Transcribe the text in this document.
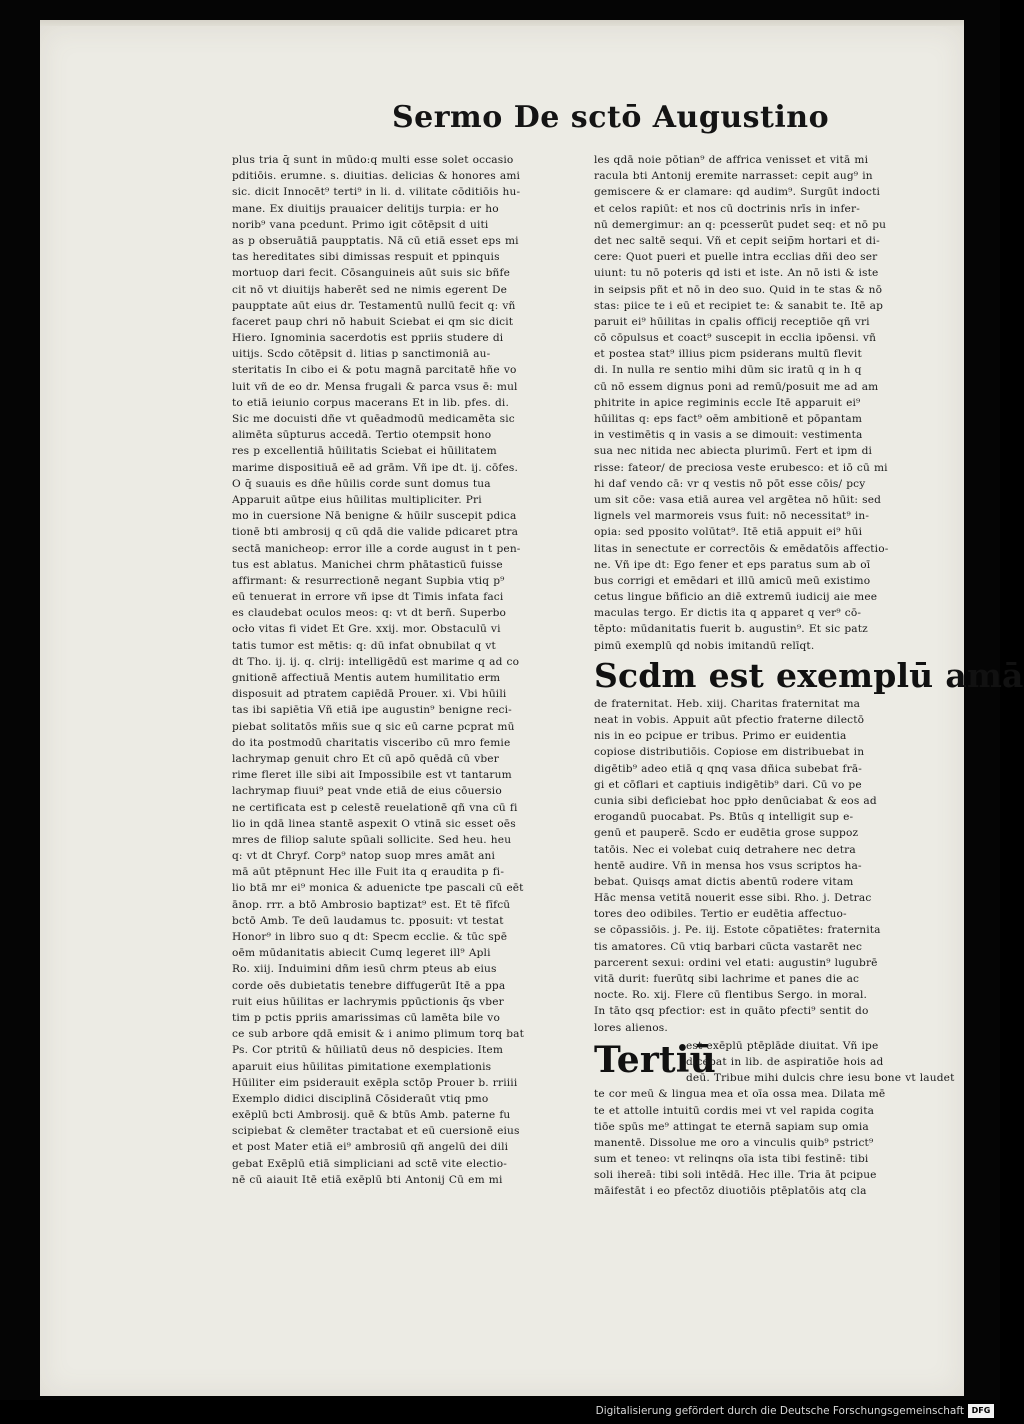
Sermo De sctō Augustino
plus tria q̄ sunt in mūdo:q multi esse solet occasio
pditiōis. erumne. s. diuitias. delicias & honores ami
sic. dicit Innocēt⁹ terti⁹ in li. d. vilitate cōditiōis hu-
mane. Ex diuitijs prauaicer delitijs turpia: er ho
norib⁹ vana pcedunt. Primo igit cōtēpsit d uiti
as p obseruātiā paupptatis. Nā cū etiā esset eps mi
tas hereditates sibi dimissas respuit et ppinquis
mortuop dari fecit. Cōsanguineis aūt suis sic bñfe
cit nō vt diuitijs haberēt sed ne nimis egerent De
paupptate aūt eius dr. Testamentū nullū fecit q: vñ
faceret paup chri nō habuit Sciebat ei qm sic dicit
Hiero. Ignominia sacerdotis est ppriis studere di
uitijs. Scdo cōtēpsit d. litias p sanctimoniā au-
steritatis In cibo ei & potu magnā parcitatē hñe vo
luit vñ de eo dr. Mensa frugali & parca vsus ē: mul
to etiā ieiunio corpus macerans Et in lib. pfes. di.
Sic me docuisti dñe vt quēadmodū medicamēta sic
alimēta sūpturus accedā. Tertio otempsit hono
res p excellentiā hūilitatis Sciebat ei hūilitatem
marime dispositiuā eē ad grām. Vñ ipe dt. ij. cōfes.
O q̄ suauis es dñe hūilis corde sunt domus tua
Apparuit aūtpe eius hūilitas multipliciter. Pri
mo in cuersione Nā benigne & hūilr suscepit pdica
tionē bti ambrosij q cū qdā die valide pdicaret ptra
sectā manicheop: error ille a corde august in t pen-
tus est ablatus. Manichei chrm phātasticū fuisse
affirmant: & resurrectionē negant Supbia vtiq p⁹
eū tenuerat in errore vñ ipse dt Timis infata faci
es claudebat oculos meos: q: vt dt berñ. Superbo
ocło vitas fi videt Et Gre. xxij. mor. Obstaculū vi
tatis tumor est mētis: q: dū infat obnubilat q vt
dt Tho. ij. ij. q. clrij: intelligēdū est marime q ad co
gnitionē affectiuā Mentis autem humilitatio erm
disposuit ad ptratem capiēdā Prouer. xi. Vbi hūili
tas ibi sapiētia Vñ etiā ipe augustin⁹ benigne reci-
piebat solitatōs mñis sue q sic eū carne pcprat mū
do ita postmodū charitatis visceribo cū mro femie
lachrymap genuit chro Et cū apō quēdā cū vber
rime fleret ille sibi ait Impossibile est vt tantarum
lachrymap fiuui⁹ peat vnde etiā de eius cōuersio
ne certificata est p celestē reuelationē qñ vna cū fi
lio in qdā linea stantē aspexit O vtinā sic esset oēs
mres de filiop salute spūali sollicite. Sed heu. heu
q: vt dt Chryf. Corp⁹ natop suop mres amāt ani
mā aūt ptēpnunt Hec ille Fuit ita q eraudita p fi-
lio btā mr ei⁹ monica & aduenicte tpe pascali cū eēt
ānop. rrr. a btō Ambrosio baptizat⁹ est. Et tē fīfcū
bctō Amb. Te deū laudamus tc. pposuit: vt testat
Honor⁹ in libro suo q dt: Specm ecclie. & tūc spē
oēm mūdanitatis abiecit Cumq legeret ill⁹ Apli
Ro. xiij. Induimini dñm iesū chrm pteus ab eius
corde oēs dubietatis tenebre diffugerūt Itē a ppa
ruit eius hūilitas er lachrymis ppūctionis q̄s vber
tim p pctis ppriis amarissimas cū lamēta bile vo
ce sub arbore qdā emisit & i animo plimum torq bat
Ps. Cor ptritū & hūiliatū deus nō despicies. Item
aparuit eius hūilitas pimitatione exemplationis
Hūiliter eim psiderauit exēpla sctōp Prouer b. rriiii
Exemplo didici disciplinā Cōsideraūt vtiq pmo
exēplū bcti Ambrosij. quē & btūs Amb. paterne fu
scipiebat & clemēter tractabat et eū cuersionē eius
et post Mater etiā ei⁹ ambrosiū qñ angelū dei dili
gebat Exēplū etiā simpliciani ad sctē vite electio-
nē cū aiauit Itē etiā exēplū bti Antonij Cū em mi
les qdā noie pōtian⁹ de affrica venisset et vitā mi
racula bti Antonij eremite narrasset: cepit aug⁹ in
gemiscere & er clamare: qd audim⁹. Surgūt indocti
et celos rapiūt: et nos cū doctrinis nrīs in infer-
nū demergimur: an q: pcesserūt pudet seq: et nō pu
det nec saltē sequi. Vñ et cepit seip̄m hortari et di-
cere: Quot pueri et puelle intra ecclias dñi deo ser
uiunt: tu nō poteris qd isti et iste. An nō isti & iste
in seipsis pñt et nō in deo suo. Quid in te stas & nō
stas: piice te i eū et recipiet te: & sanabit te. Itē ap
paruit ei⁹ hūilitas in cpalis officij receptiōe qñ vri
cō cōpulsus et coact⁹ suscepit in ecclia ipōensi. vñ
et postea stat⁹ illius picm psiderans multū flevit
di. In nulla re sentio mihi dūm sic iratū q in h q
cū nō essem dignus poni ad remū/posuit me ad am
phitrite in apice regiminis eccle Itē apparuit ei⁹
hūilitas q: eps fact⁹ oēm ambitionē et pōpantam
in vestimētis q in vasis a se dimouit: vestimenta
sua nec nitida nec abiecta plurimū. Fert et ipm di
risse: fateor/ de preciosa veste erubesco: et iō cū mi
hi daf vendo cā: vr q vestis nō pōt esse cōis/ pcy
um sit cōe: vasa etiā aurea vel argētea nō hūit: sed
lignels vel marmoreis vsus fuit: nō necessitat⁹ in-
opia: sed pposito volūtat⁹. Itē etiā appuit ei⁹ hūi
litas in senectute er correctōis & emēdatōis affectio-
ne. Vñ ipe dt: Ego fener et eps paratus sum ab oī
bus corrigi et emēdari et illū amicū meū existimo
cetus lingue bñficio an diē extremū iudicij aie mee
maculas tergo. Er dictis ita q apparet q ver⁹ cō-
tēpto: mūdanitatis fuerit b. augustin⁹. Et sic patz
pimū exemplū qd nobis imitandū relīqt.
Scdm est exemplū amā
de fraternitat. Heb. xiij. Charitas fraternitat ma
neat in vobis. Appuit aūt pfectio fraterne dilectō
nis in eo pcipue er tribus. Primo er euidentia
copiose distributiōis. Copiose em distribuebat in
digētib⁹ adeo etiā q qnq vasa dñica subebat frā-
gi et cōflari et captiuis indigētib⁹ dari. Cū vo pe
cunia sibi deficiebat hoc ppło denūciabat & eos ad
erogandū puocabat. Ps. Btūs q intelligit sup e-
genū et pauperē. Scdo er eudētia grose suppoz
tatōis. Nec ei volebat cuiq detrahere nec detra
hentē audire. Vñ in mensa hos vsus scriptos ha-
bebat. Quisqs amat dictis abentū rodere vitam
Hāc mensa vetitā nouerit esse sibi. Rho. j. Detrac
tores deo odibiles. Tertio er eudētia affectuo-
se cōpassiōis. j. Pe. iij. Estote cōpatiētes: fraternita
tis amatores. Cū vtiq barbari cūcta vastarēt nec
parcerent sexui: ordini vel etati: augustin⁹ lugubrē
vitā durit: fuerūtq sibi lachrime et panes die ac
nocte. Ro. xij. Flere cū flentibus Sergo. in moral.
In tāto qsq pfectior: est in quāto pfecti⁹ sentit do
lores alienos.
Tertiū
est exēplū ptēplāde diuitat. Vñ ipe
dicebat in lib. de aspiratiōe hois ad
deū. Tribue mihi dulcis chre iesu bone vt laudet
te cor meū & lingua mea et oīa ossa mea. Dilata mē
te et attolle intuitū cordis mei vt vel rapida cogita
tiōe spūs me⁹ attingat te eternā sapiam sup omia
manentē. Dissolue me oro a vinculis quib⁹ pstrict⁹
sum et teneo: vt relinqns oīa ista tibi festinē: tibi
soli ihereā: tibi soli intēdā. Hec ille. Tria āt pcipue
māifestāt i eo pfectōz diuotiōis ptēplatōis atq cla
Digitalisierung gefördert durch die Deutsche Forschungsgemeinschaft DFG
